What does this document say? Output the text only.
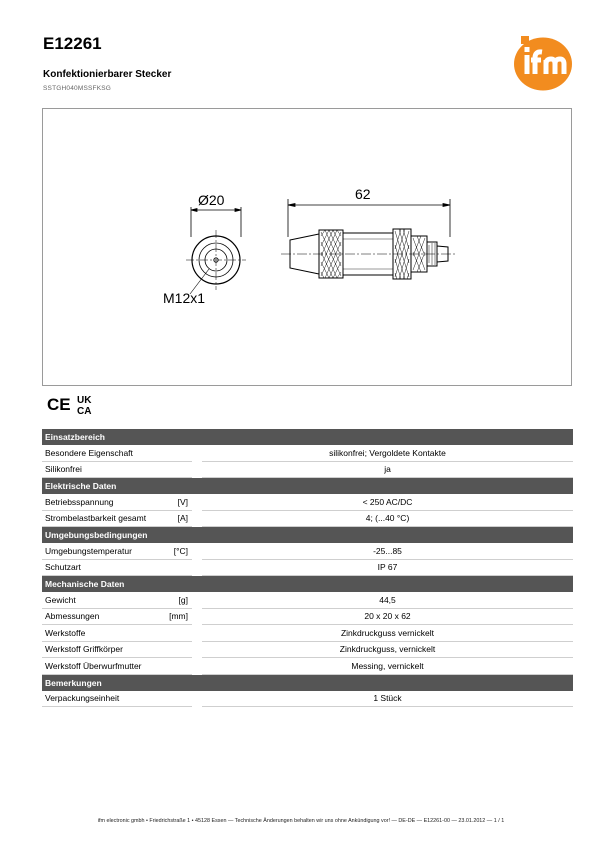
E12261
Konfektionierbarer Stecker
SSTGH040MSSFKSG
Ø20
M12x1
62
CE UK
CA
Einsatzbereich			
Besondere Eigenschaft			silikonfrei; Vergoldete Kontakte
Silikonfrei			ja
Elektrische Daten			
Betriebsspannung	[V]		< 250 AC/DC
Strombelastbarkeit gesamt	[A]		4; (...40 °C)
Umgebungsbedingungen			
Umgebungstemperatur	[°C]		-25...85
Schutzart			IP 67
Mechanische Daten			
Gewicht	[g]		44,5
Abmessungen	[mm]		20 x 20 x 62
Werkstoffe			Zinkdruckguss vernickelt
Werkstoff Griffkörper			Zinkdruckguss, vernickelt
Werkstoff Überwurfmutter			Messing, vernickelt
Bemerkungen			
Verpackungseinheit			1 Stück
ifm electronic gmbh • Friedrichstraße 1 • 45128 Essen — Technische Änderungen behalten wir uns ohne Ankündigung vor! — DE-DE — E12261-00 — 23.01.2012 — 1 / 1
